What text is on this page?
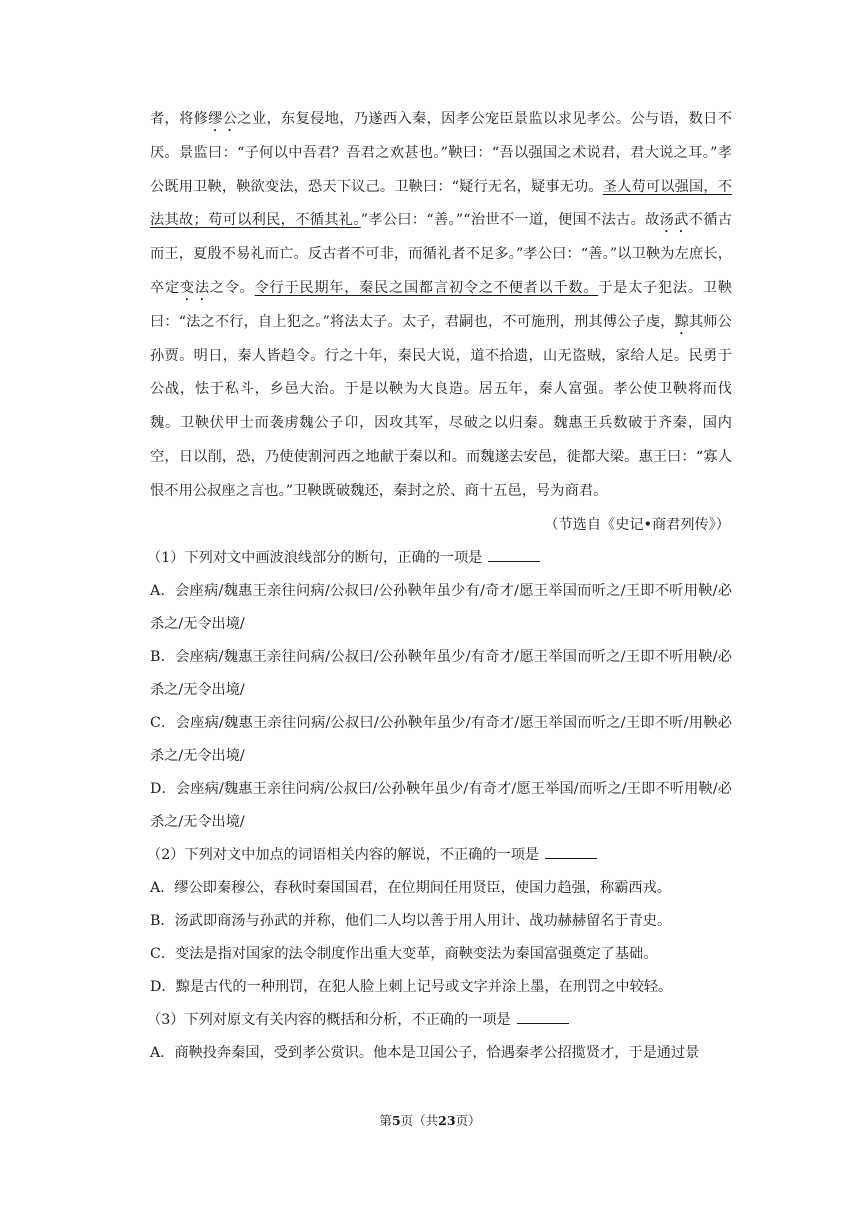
者，将修缪公之业，东复侵地，乃遂西入秦，因孝公宠臣景监以求见孝公。公与语，数日不厌。景监曰：“子何以中吾君？吾君之欢甚也。”鞅曰：“吾以强国之术说君，君大说之耳。”孝公既用卫鞅，鞅欲变法，恐天下议己。卫鞅曰：“疑行无名，疑事无功。圣人苟可以强国，不法其故；苟可以利民，不循其礼。”孝公曰：“善。”“治世不一道，便国不法古。故汤武不循古而王，夏殷不易礼而亡。反古者不可非，而循礼者不足多。”孝公曰：“善。”以卫鞅为左庶长，卒定变法之令。令行于民期年，秦民之国都言初令之不便者以千数。于是太子犯法。卫鞅曰：“法之不行，自上犯之。”将法太子。太子，君嗣也，不可施刑，刑其傅公子虔，黥其师公孙贾。明日，秦人皆趋令。行之十年，秦民大说，道不拾遗，山无盗贼，家给人足。民勇于公战，怯于私斗，乡邑大治。于是以鞅为大良造。居五年，秦人富强。孝公使卫鞅将而伐魏。卫鞅伏甲士而袭虏魏公子卬，因攻其军，尽破之以归秦。魏惠王兵数破于齐秦，国内空，日以削，恐，乃使使割河西之地献于秦以和。而魏遂去安邑，徙都大梁。惠王曰：“寡人恨不用公叔座之言也。”卫鞅既破魏还，秦封之於、商十五邑，号为商君。

（节选自《史记•商君列传》）

（1）下列对文中画波浪线部分的断句，正确的一项是

A．会座病/魏惠王亲往问病/公叔曰/公孙鞅年虽少有/奇才/愿王举国而听之/王即不听用鞅/必杀之/无令出境/

B．会座病/魏惠王亲往问病/公叔曰/公孙鞅年虽少/有奇才/愿王举国而听之/王即不听用鞅/必杀之/无令出境/

C．会座病/魏惠王亲往问病/公叔曰/公孙鞅年虽少/有奇才/愿王举国而听之/王即不听/用鞅必杀之/无令出境/

D．会座病/魏惠王亲往问病/公叔曰/公孙鞅年虽少/有奇才/愿王举国/而听之/王即不听用鞅/必杀之/无令出境/

（2）下列对文中加点的词语相关内容的解说，不正确的一项是

A．缪公即秦穆公，春秋时秦国国君，在位期间任用贤臣，使国力趋强，称霸西戎。

B．汤武即商汤与孙武的并称，他们二人均以善于用人用计、战功赫赫留名于青史。

C．变法是指对国家的法令制度作出重大变革，商鞅变法为秦国富强奠定了基础。

D．黥是古代的一种刑罚，在犯人脸上刺上记号或文字并涂上墨，在刑罚之中较轻。

（3）下列对原文有关内容的概括和分析，不正确的一项是

A．商鞅投奔秦国，受到孝公赏识。他本是卫国公子，恰遇秦孝公招揽贤才，于是通过景

第5页（共23页）
